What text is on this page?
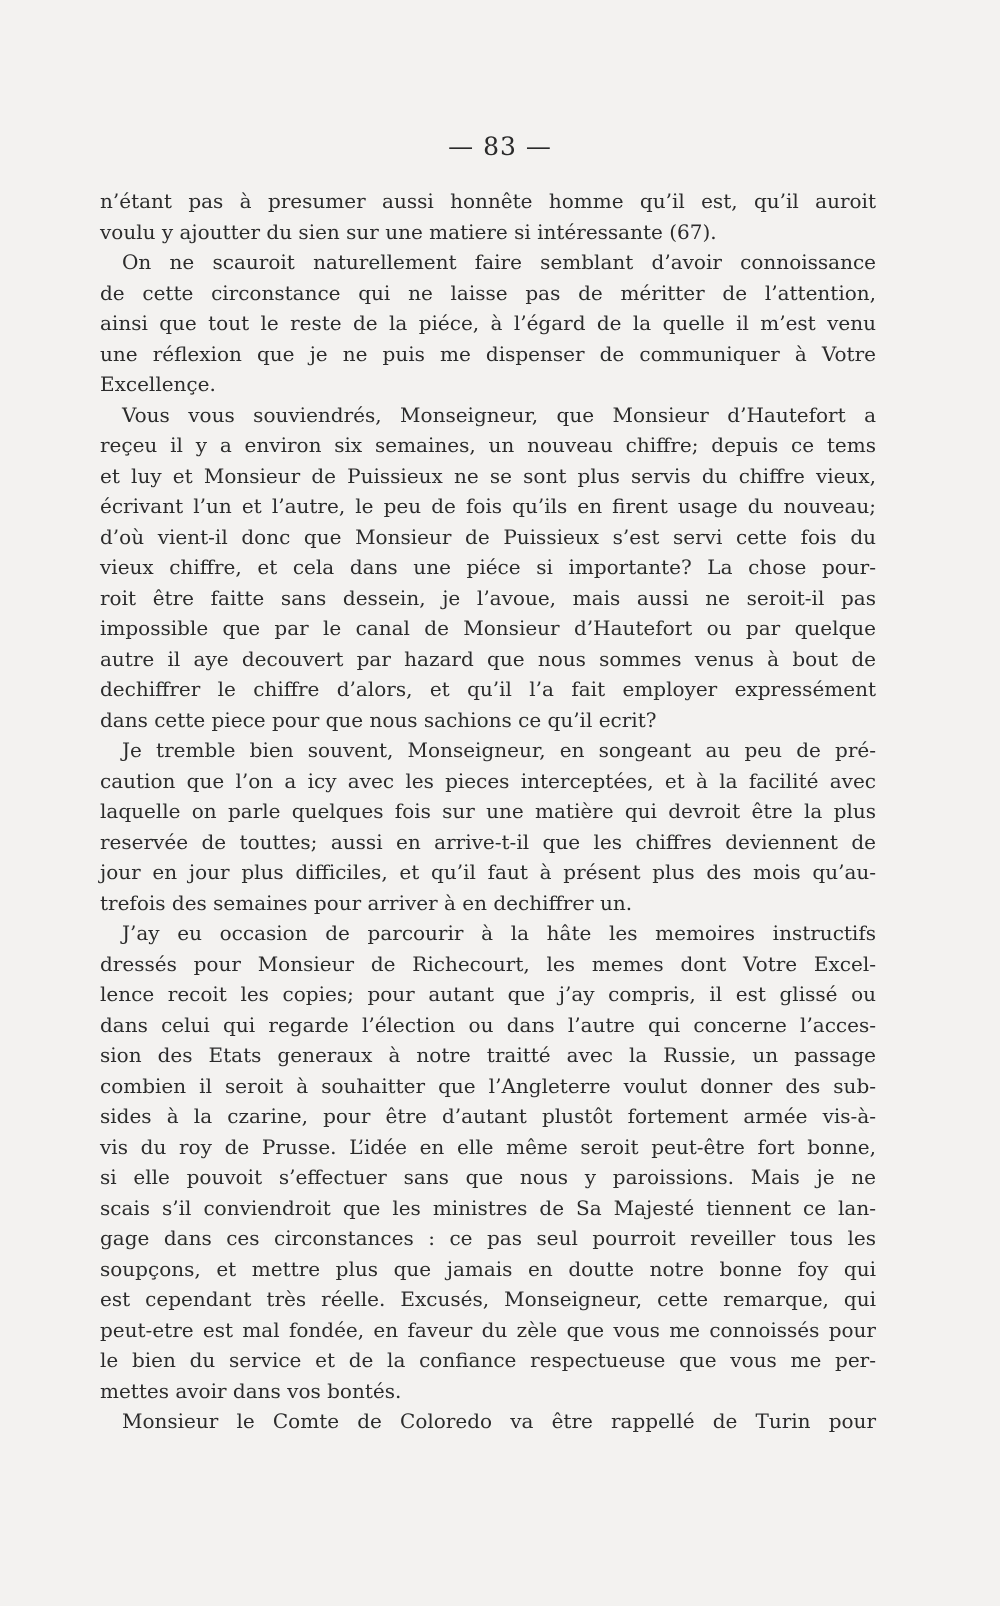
— 83 —
n’étant pas à presumer aussi honnête homme qu’il est, qu’il auroit
voulu y ajoutter du sien sur une matiere si intéressante (67).
On ne scauroit naturellement faire semblant d’avoir connoissance
de cette circonstance qui ne laisse pas de méritter de l’attention,
ainsi que tout le reste de la piéce, à l’égard de la quelle il m’est venu
une réflexion que je ne puis me dispenser de communiquer à Votre
Excellençe.
Vous vous souviendrés, Monseigneur, que Monsieur d’Hautefort a
reçeu il y a environ six semaines, un nouveau chiffre; depuis ce tems
et luy et Monsieur de Puissieux ne se sont plus servis du chiffre vieux,
écrivant l’un et l’autre, le peu de fois qu’ils en firent usage du nouveau;
d’où vient-il donc que Monsieur de Puissieux s’est servi cette fois du
vieux chiffre, et cela dans une piéce si importante? La chose pour-
roit être faitte sans dessein, je l’avoue, mais aussi ne seroit-il pas
impossible que par le canal de Monsieur d’Hautefort ou par quelque
autre il aye decouvert par hazard que nous sommes venus à bout de
dechiffrer le chiffre d’alors, et qu’il l’a fait employer expressément
dans cette piece pour que nous sachions ce qu’il ecrit?
Je tremble bien souvent, Monseigneur, en songeant au peu de pré-
caution que l’on a icy avec les pieces interceptées, et à la facilité avec
laquelle on parle quelques fois sur une matière qui devroit être la plus
reservée de touttes; aussi en arrive-t-il que les chiffres deviennent de
jour en jour plus difficiles, et qu’il faut à présent plus des mois qu’au-
trefois des semaines pour arriver à en dechiffrer un.
J’ay eu occasion de parcourir à la hâte les memoires instructifs
dressés pour Monsieur de Richecourt, les memes dont Votre Excel-
lence recoit les copies; pour autant que j’ay compris, il est glissé ou
dans celui qui regarde l’élection ou dans l’autre qui concerne l’acces-
sion des Etats generaux à notre traitté avec la Russie, un passage
combien il seroit à souhaitter que l’Angleterre voulut donner des sub-
sides à la czarine, pour être d’autant plustôt fortement armée vis-à-
vis du roy de Prusse. L’idée en elle même seroit peut-être fort bonne,
si elle pouvoit s’effectuer sans que nous y paroissions. Mais je ne
scais s’il conviendroit que les ministres de Sa Majesté tiennent ce lan-
gage dans ces circonstances : ce pas seul pourroit reveiller tous les
soupçons, et mettre plus que jamais en doutte notre bonne foy qui
est cependant très réelle. Excusés, Monseigneur, cette remarque, qui
peut-etre est mal fondée, en faveur du zèle que vous me connoissés pour
le bien du service et de la confiance respectueuse que vous me per-
mettes avoir dans vos bontés.
Monsieur le Comte de Coloredo va être rappellé de Turin pour
